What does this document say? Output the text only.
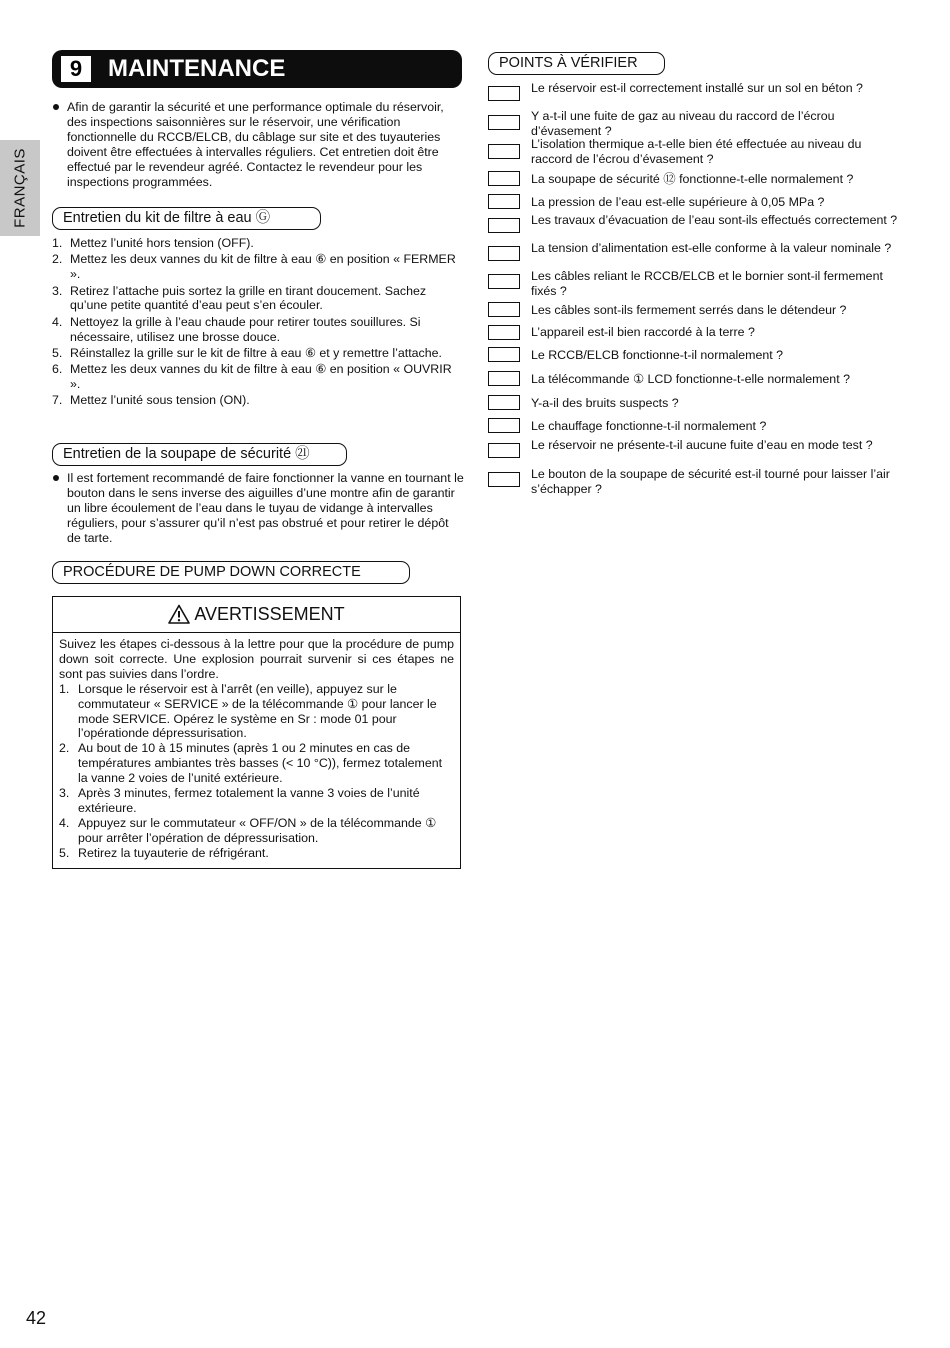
FRANÇAIS
9	MAINTENANCE
Afin de garantir la sécurité et une performance optimale du réservoir, des inspections saisonnières sur le réservoir, une vérification fonctionnelle du RCCB/ELCB, du câblage sur site et des tuyauteries doivent être effectuées à intervalles réguliers. Cet entretien doit être effectué par le revendeur agréé. Contactez le revendeur pour les inspections programmées.
Entretien du kit de filtre à eau Ⓖ
1. Mettez l’unité hors tension (OFF).
2. Mettez les deux vannes du kit de filtre à eau ⑥ en position « FERMER ».
3. Retirez l’attache puis sortez la grille en tirant doucement. Sachez qu’une petite quantité d’eau peut s’en écouler.
4. Nettoyez la grille à l’eau chaude pour retirer toutes souillures. Si nécessaire, utilisez une brosse douce.
5. Réinstallez la grille sur le kit de filtre à eau ⑥ et y remettre l’attache.
6. Mettez les deux vannes du kit de filtre à eau ⑥ en position « OUVRIR ».
7. Mettez l’unité sous tension (ON).
Entretien de la soupape de sécurité ㉑
Il est fortement recommandé de faire fonctionner la vanne en tournant le bouton dans le sens inverse des aiguilles d’une montre afin de garantir un libre écoulement de l’eau dans le tuyau de vidange à intervalles réguliers, pour s’assurer qu’il n’est pas obstrué et pour retirer le dépôt de tarte.
PROCÉDURE DE PUMP DOWN CORRECTE
AVERTISSEMENT
Suivez les étapes ci-dessous à la lettre pour que la procédure de pump down soit correcte. Une explosion pourrait survenir si ces étapes ne sont pas suivies dans l’ordre.
1. Lorsque le réservoir est à l’arrêt (en veille), appuyez sur le commutateur « SERVICE » de la télécommande ① pour lancer le mode SERVICE. Opérez le système en Sr : mode 01 pour l’opérationde dépressurisation.
2. Au bout de 10 à 15 minutes (après 1 ou 2 minutes en cas de températures ambiantes très basses (< 10 °C)), fermez totalement la vanne 2 voies de l’unité extérieure.
3. Après 3 minutes, fermez totalement la vanne 3 voies de l’unité extérieure.
4. Appuyez sur le commutateur « OFF/ON » de la télécommande ① pour arrêter l’opération de dépressurisation.
5. Retirez la tuyauterie de réfrigérant.
POINTS À VÉRIFIER
Le réservoir est-il correctement installé sur un sol en béton ?
Y a-t-il une fuite de gaz au niveau du raccord de l’écrou d’évasement ?
L’isolation thermique a-t-elle bien été effectuée au niveau du raccord de l’écrou d’évasement ?
La soupape de sécurité ⑫ fonctionne-t-elle normalement ?
La pression de l’eau est-elle supérieure à 0,05 MPa ?
Les travaux d’évacuation de l’eau sont-ils effectués correctement ?
La tension d’alimentation est-elle conforme à la valeur nominale ?
Les câbles reliant le RCCB/ELCB et le bornier sont-il fermement fixés ?
Les câbles sont-ils fermement serrés dans le détendeur ?
L’appareil est-il bien raccordé à la terre ?
Le RCCB/ELCB fonctionne-t-il normalement ?
La télécommande ① LCD fonctionne-t-elle normalement ?
Y-a-il des bruits suspects ?
Le chauffage fonctionne-t-il normalement ?
Le réservoir ne présente-t-il aucune fuite d’eau en mode test ?
Le bouton de la soupape de sécurité est-il tourné pour laisser l’air s’échapper ?
42
